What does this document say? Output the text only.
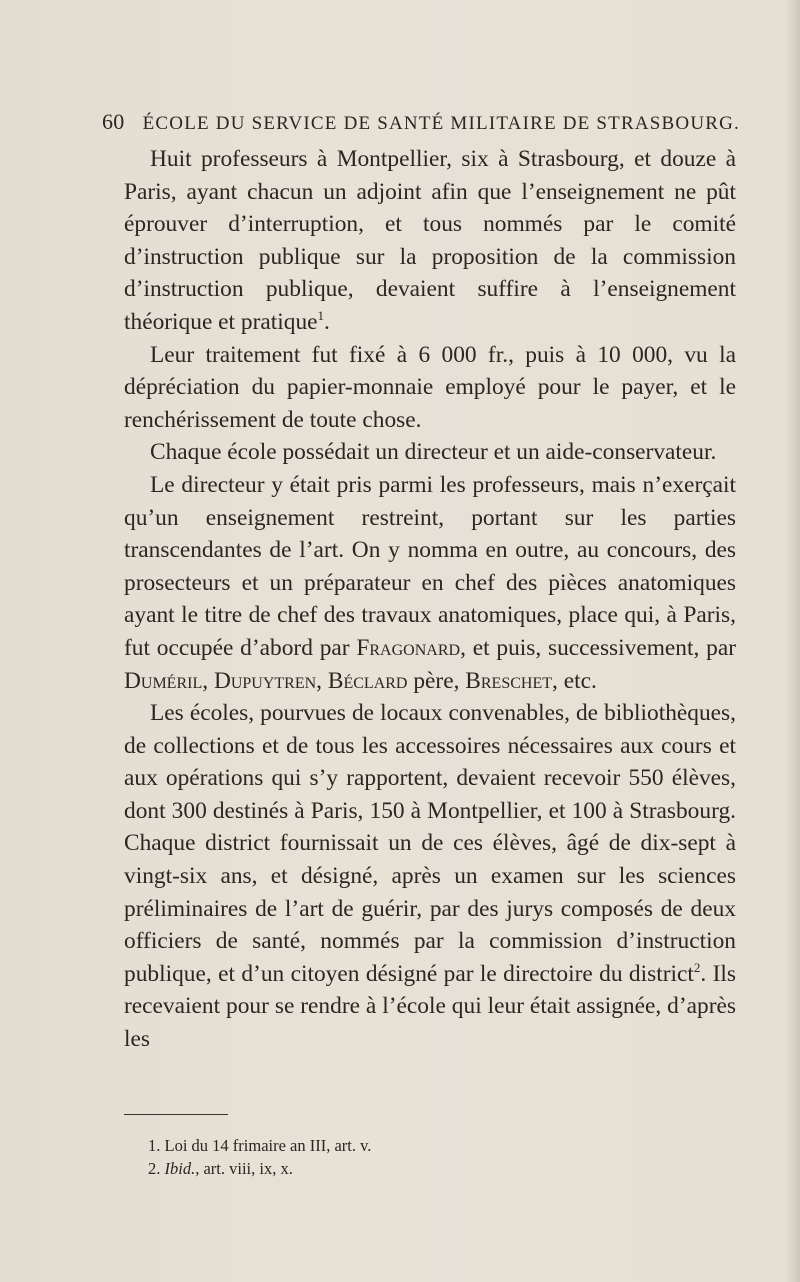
60 ÉCOLE DU SERVICE DE SANTÉ MILITAIRE DE STRASBOURG.

Huit professeurs à Montpellier, six à Strasbourg, et douze à Paris, ayant chacun un adjoint afin que l’enseignement ne pût éprouver d’interruption, et tous nommés par le comité d’instruction publique sur la proposition de la commission d’instruction publique, devaient suffire à l’enseignement théorique et pratique$^1$.

Leur traitement fut fixé à 6 000 fr., puis à 10 000, vu la dépréciation du papier-monnaie employé pour le payer, et le renchérissement de toute chose.

Chaque école possédait un directeur et un aide-conservateur.

Le directeur y était pris parmi les professeurs, mais n’exerçait qu’un enseignement restreint, portant sur les parties transcendantes de l’art. On y nomma en outre, au concours, des prosecteurs et un préparateur en chef des pièces anatomiques ayant le titre de chef des travaux anatomiques, place qui, à Paris, fut occupée d’abord par Fragonard, et puis, successivement, par Duméril, Dupuytren, Béclard père, Breschet, etc.

Les écoles, pourvues de locaux convenables, de bibliothèques, de collections et de tous les accessoires nécessaires aux cours et aux opérations qui s’y rapportent, devaient recevoir 550 élèves, dont 300 destinés à Paris, 150 à Montpellier, et 100 à Strasbourg. Chaque district fournissait un de ces élèves, âgé de dix-sept à vingt-six ans, et désigné, après un examen sur les sciences préliminaires de l’art de guérir, par des jurys composés de deux officiers de santé, nommés par la commission d’instruction publique, et d’un citoyen désigné par le directoire du district$^2$. Ils recevaient pour se rendre à l’école qui leur était assignée, d’après les

1. Loi du 14 frimaire an III, art. v.
2. Ibid., art. viii, ix, x.
